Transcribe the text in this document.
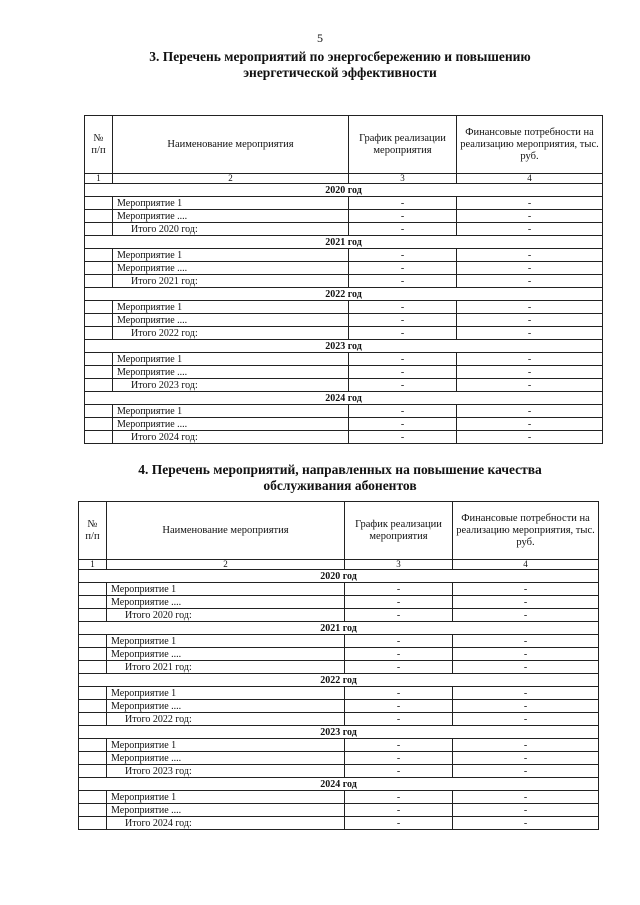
5
3. Перечень мероприятий по энергосбережению и повышению
энергетической эффективности
№ п/п	Наименование мероприятия	График реализации мероприятия	Финансовые потребности на реализацию мероприятия, тыс. руб.
1	2	3	4
2020 год			
	Мероприятие 1	-	-
	Мероприятие ....	-	-
	Итого 2020 год:	-	-
2021 год			
	Мероприятие 1	-	-
	Мероприятие ....	-	-
	Итого 2021 год:	-	-
2022 год			
	Мероприятие 1	-	-
	Мероприятие ....	-	-
	Итого 2022 год:	-	-
2023 год			
	Мероприятие 1	-	-
	Мероприятие ....	-	-
	Итого 2023 год:	-	-
2024 год			
	Мероприятие 1	-	-
	Мероприятие ....	-	-
	Итого 2024 год:	-	-
4. Перечень мероприятий, направленных на повышение качества
обслуживания абонентов
№ п/п	Наименование мероприятия	График реализации мероприятия	Финансовые потребности на реализацию мероприятия, тыс. руб.
1	2	3	4
2020 год			
	Мероприятие 1	-	-
	Мероприятие ....	-	-
	Итого 2020 год:	-	-
2021 год			
	Мероприятие 1	-	-
	Мероприятие ....	-	-
	Итого 2021 год:	-	-
2022 год			
	Мероприятие 1	-	-
	Мероприятие ....	-	-
	Итого 2022 год:	-	-
2023 год			
	Мероприятие 1	-	-
	Мероприятие ....	-	-
	Итого 2023 год:	-	-
2024 год			
	Мероприятие 1	-	-
	Мероприятие ....	-	-
	Итого 2024 год:	-	-
